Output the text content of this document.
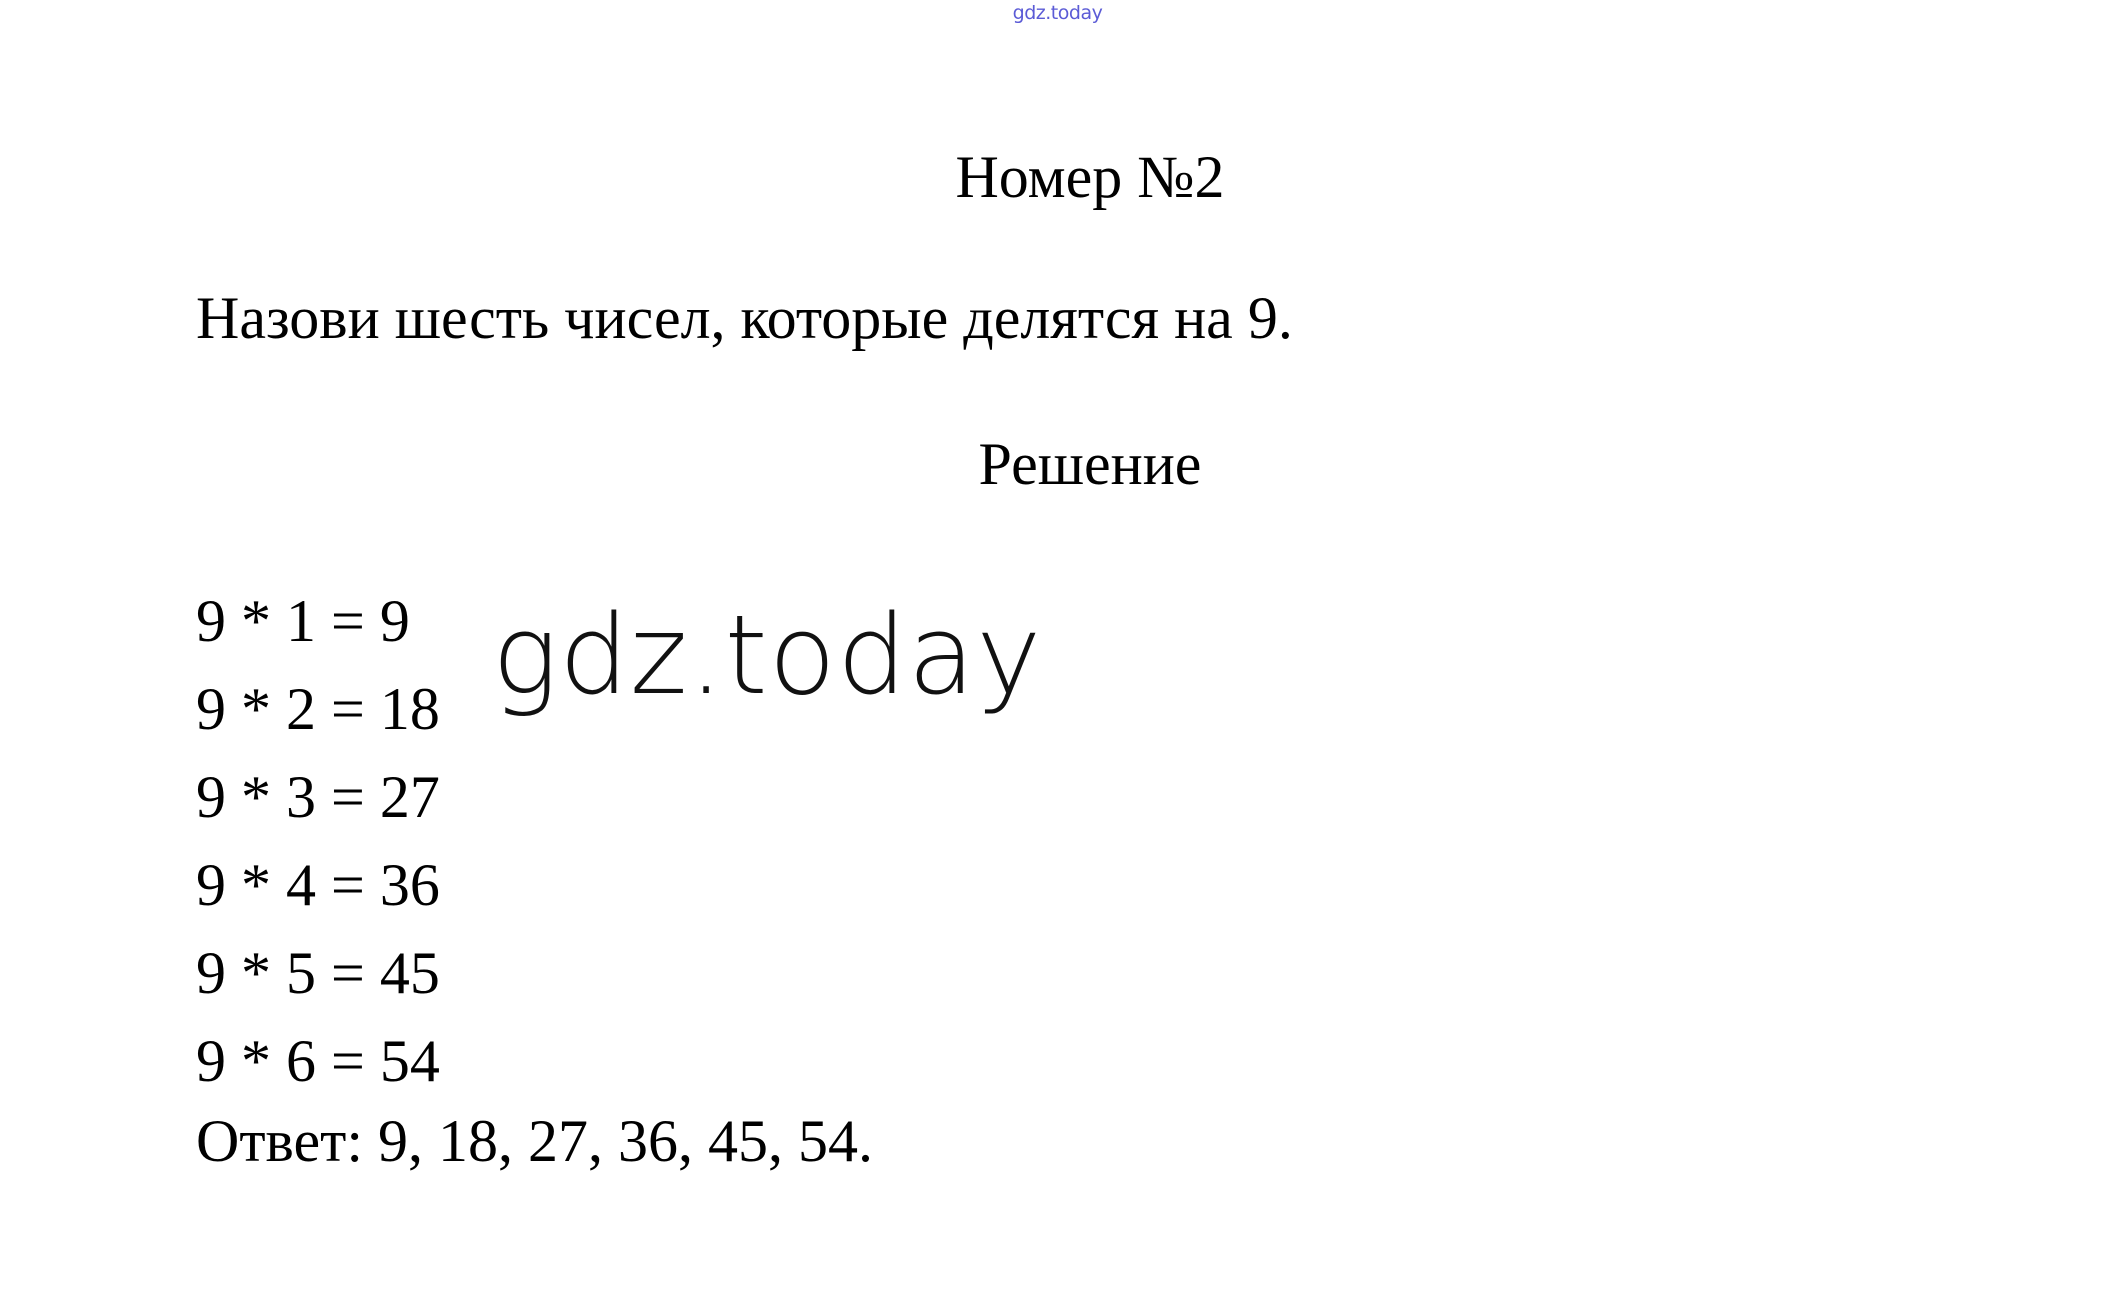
gdz.today
Номер №2
Назови шесть чисел, которые делятся на 9.
Решение
9 * 1 = 9
9 * 2 = 18
9 * 3 = 27
9 * 4 = 36
9 * 5 = 45
9 * 6 = 54
Ответ: 9, 18, 27, 36, 45, 54.
gdz.today
